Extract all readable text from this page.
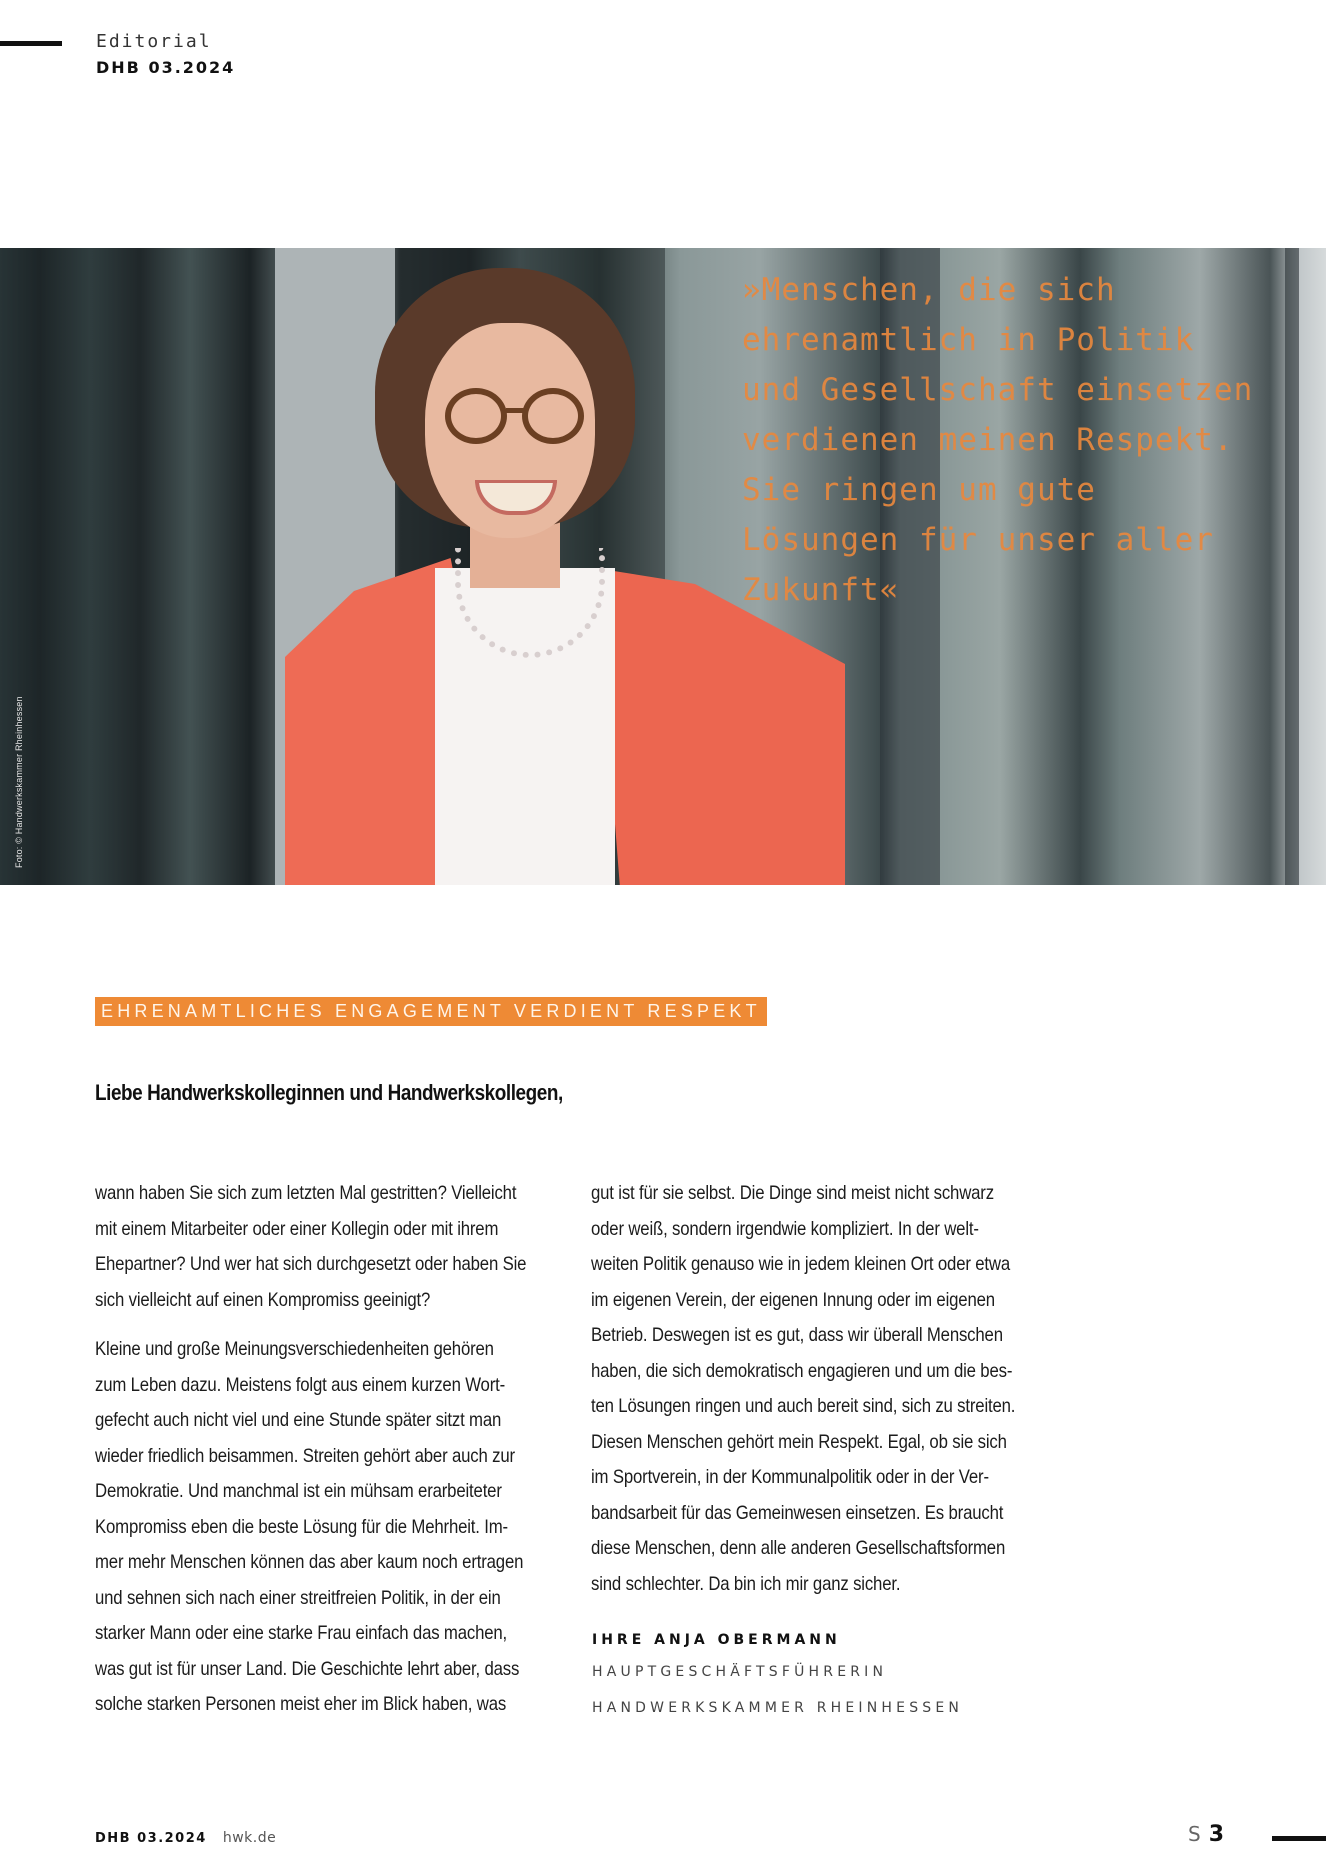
Editorial
DHB 03.2024
Foto: © Handwerkskammer Rheinhessen
»Menschen, die sich
ehrenamtlich in Politik
und Gesellschaft einsetzen
verdienen meinen Respekt.
Sie ringen um gute
Lösungen für unser aller
Zukunft«
EHRENAMTLICHES ENGAGEMENT VERDIENT RESPEKT
Liebe Handwerkskolleginnen und Handwerkskollegen,

wann haben Sie sich zum letzten Mal gestritten? Vielleicht
mit einem Mitarbeiter oder einer Kollegin oder mit ihrem
Ehepartner? Und wer hat sich durchgesetzt oder haben Sie
sich vielleicht auf einen Kompromiss geeinigt?

Kleine und große Meinungsverschiedenheiten gehören
zum Leben dazu. Meistens folgt aus einem kurzen Wort-
gefecht auch nicht viel und eine Stunde später sitzt man
wieder friedlich beisammen. Streiten gehört aber auch zur
Demokratie. Und manchmal ist ein mühsam erarbeiteter
Kompromiss eben die beste Lösung für die Mehrheit. Im-
mer mehr Menschen können das aber kaum noch ertragen
und sehnen sich nach einer streitfreien Politik, in der ein
starker Mann oder eine starke Frau einfach das machen,
was gut ist für unser Land. Die Geschichte lehrt aber, dass
solche starken Personen meist eher im Blick haben, was

gut ist für sie selbst. Die Dinge sind meist nicht schwarz
oder weiß, sondern irgendwie kompliziert. In der welt-
weiten Politik genauso wie in jedem kleinen Ort oder etwa
im eigenen Verein, der eigenen Innung oder im eigenen
Betrieb. Deswegen ist es gut, dass wir überall Menschen
haben, die sich demokratisch engagieren und um die bes-
ten Lösungen ringen und auch bereit sind, sich zu streiten.
Diesen Menschen gehört mein Respekt. Egal, ob sie sich
im Sportverein, in der Kommunalpolitik oder in der Ver-
bandsarbeit für das Gemeinwesen einsetzen. Es braucht
diese Menschen, denn alle anderen Gesellschaftsformen
sind schlechter. Da bin ich mir ganz sicher.

IHRE ANJA OBERMANN
HAUPTGESCHÄFTSFÜHRERIN
HANDWERKSKAMMER RHEINHESSEN
DHB 03.2024 hwk.de	S 3
